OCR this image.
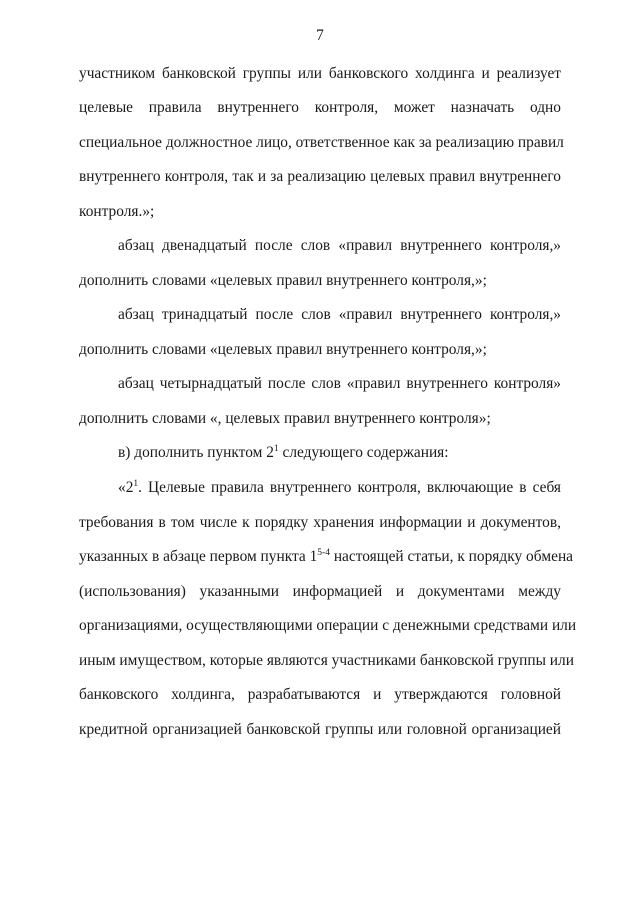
7
участником банковской группы или банковского холдинга и реализует
целевые правила внутреннего контроля, может назначать одно
специальное должностное лицо, ответственное как за реализацию правил
внутреннего контроля, так и за реализацию целевых правил внутреннего
контроля.»;
абзац двенадцатый после слов «правил внутреннего контроля,»
дополнить словами «целевых правил внутреннего контроля,»;
абзац тринадцатый после слов «правил внутреннего контроля,»
дополнить словами «целевых правил внутреннего контроля,»;
абзац четырнадцатый после слов «правил внутреннего контроля»
дополнить словами «, целевых правил внутреннего контроля»;
в) дополнить пунктом $2^1$ следующего содержания:
«$2^1$. Целевые правила внутреннего контроля, включающие в себя
требования в том числе к порядку хранения информации и документов,
указанных в абзаце первом пункта 1$^{5-4}$ настоящей статьи, к порядку обмена
(использования) указанными информацией и документами между
организациями, осуществляющими операции с денежными средствами или
иным имуществом, которые являются участниками банковской группы или
банковского холдинга, разрабатываются и утверждаются головной
кредитной организацией банковской группы или головной организацией
